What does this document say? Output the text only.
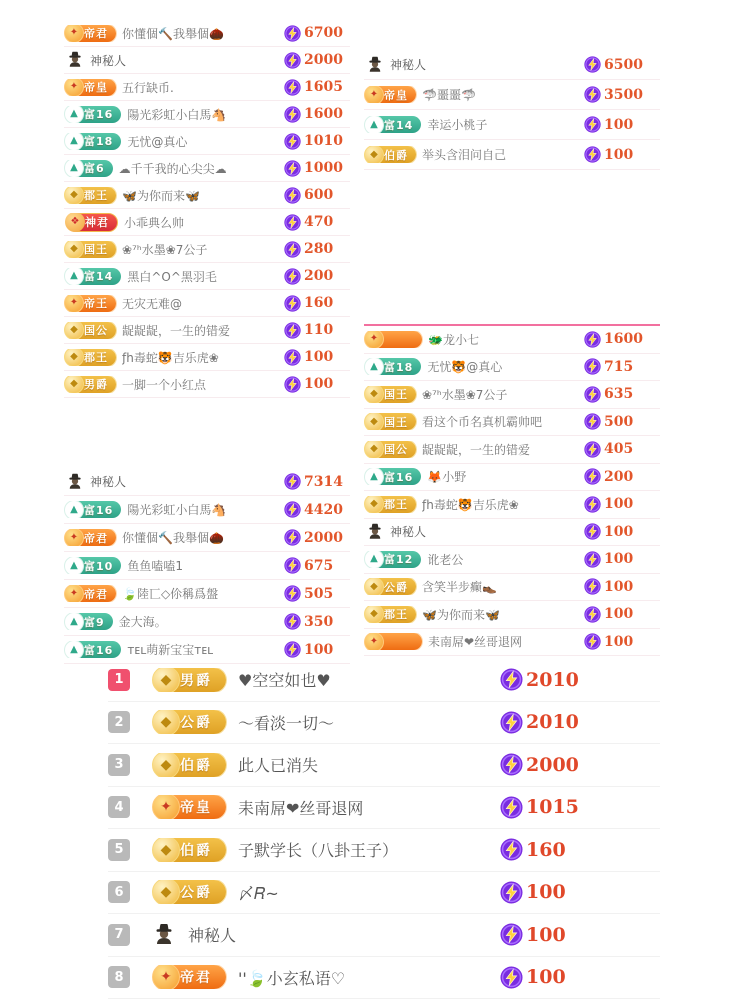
✦ 帝君 你懂個🔨我舉個🌰	6700
神秘人	2000
✦ 帝皇 五行缺币.	1605
▲ 富16 陽光彩虹小白馬🐴	1600
▲ 富18 无忧@真心	1010
▲ 富6 ☁千千我的心尖尖☁	1000
◆ 郡王 🦋为你而来🦋	600
❖ 神君 小乖典么帅	470
◆ 国王 ❀⁷ʰ水墨❀7公子	280
▲ 富14 黑白^O^黑羽毛	200
✦ 帝王 无灾无难@	160
◆ 国公 龊龊龊，一生的错爱	110
◆ 郡王 ƒh毒蛇🐯吉乐虎❀	100
◆ 男爵 一脚一个小红点	100
神秘人	6500
✦ 帝皇 🦈噩噩🦈	3500
▲ 富14 幸运小桃子	100
◆ 伯爵 举头含泪问自己	100
✦	🐲龙小七	1600
▲ 富18 无忧🐯@真心	715
◆ 国王 ❀⁷ʰ水墨❀7公子	635
◆ 国王 看这个币名真机霸帅吧	500
◆ 国公 龊龊龊，一生的错爱	405
▲ 富16 🦊小野	200
◆ 郡王 ƒh毒蛇🐯吉乐虎❀	100
神秘人	100
▲ 富12 讹老公	100
◆ 公爵 含笑半步癫👞	100
◆ 郡王 🦋为你而来🦋	100
✦	耒南屌❤丝哥退网	100
神秘人	7314
▲ 富16 陽光彩虹小白馬🐴	4420
✦ 帝君 你懂個🔨我舉個🌰	2000
▲ 富10 鱼鱼嗑嗑1	675
✦ 帝君 🍃陸匸◇伱稱爲盤	505
▲ 富9 金大海。	350
▲ 富16 ᴛᴇʟ萌新宝宝ᴛᴇʟ	100
1	◆ 男爵 ♥空空如也♥	2010
2	◆ 公爵 ～看淡一切～	2010
3	◆ 伯爵 此人已消失	2000
4	✦ 帝皇 耒南屌❤丝哥退网	1015
5	◆ 伯爵 子默学长（八卦王子）	160
6	◆ 公爵 〆𝑅~	100
7	神秘人	100
8	✦ 帝君 ''🍃小玄私语♡	100
